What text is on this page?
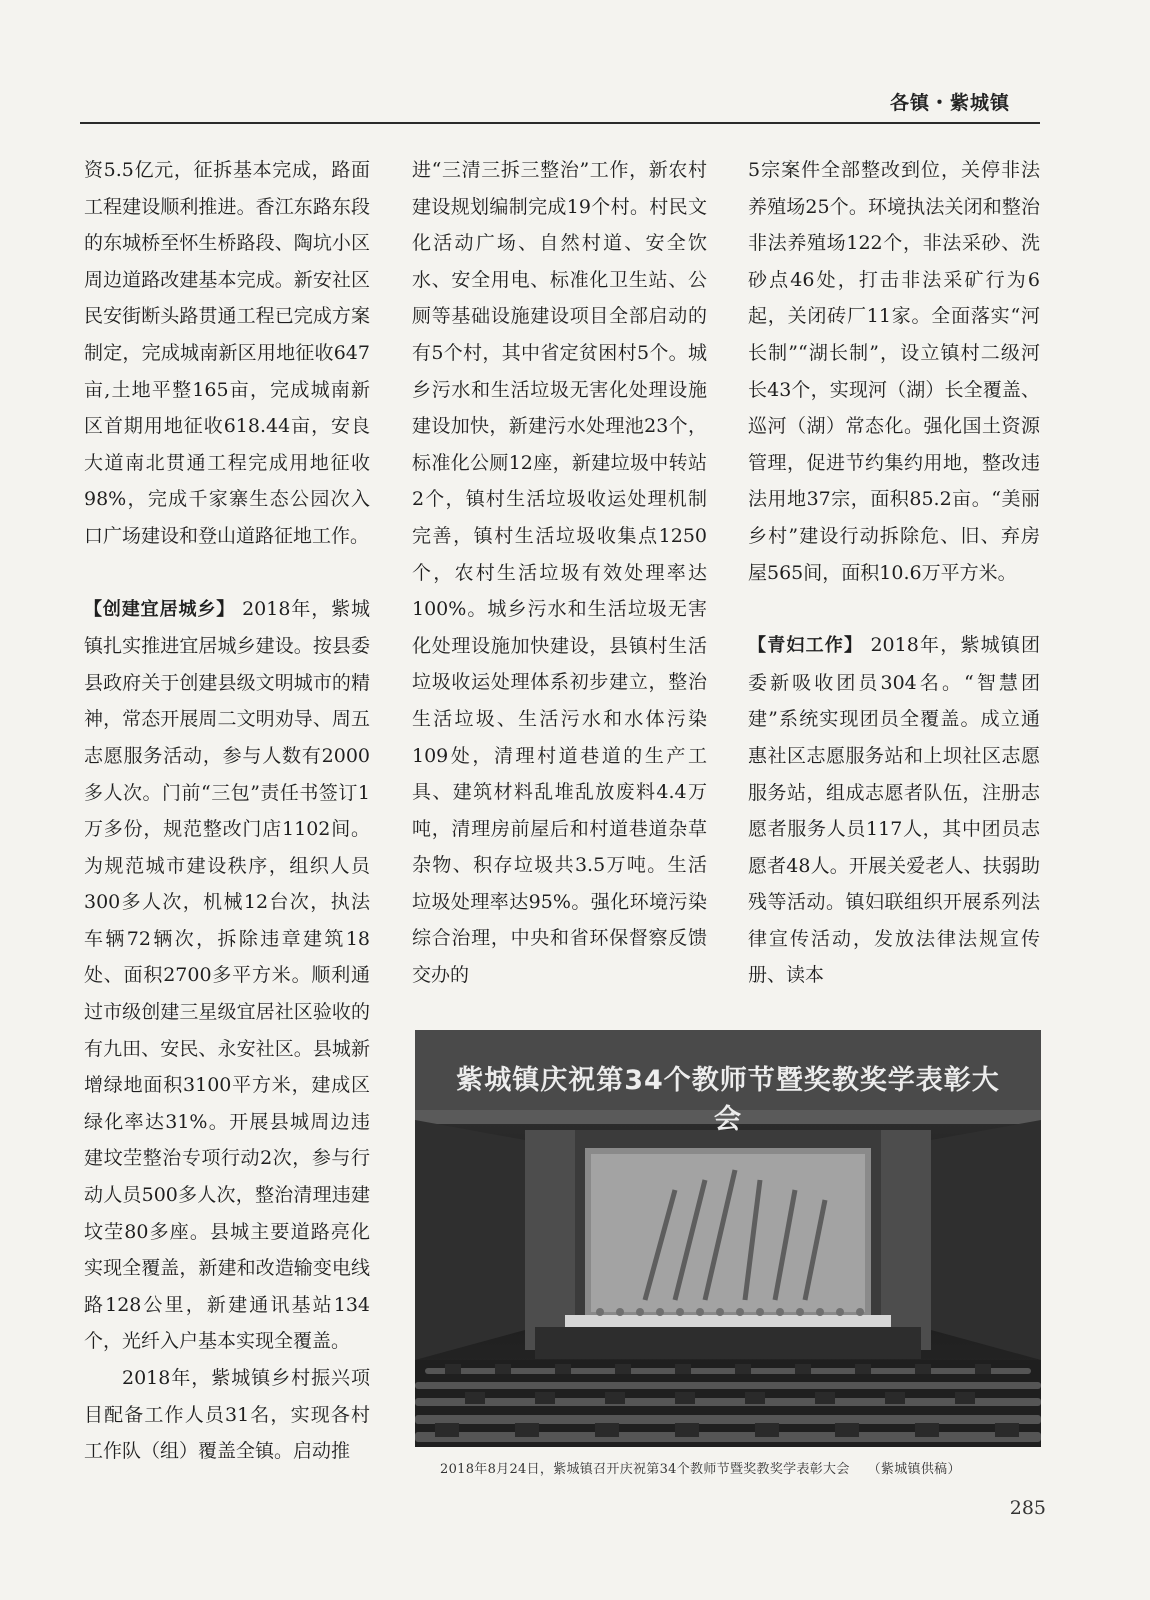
各镇・紫城镇

资5.5亿元，征拆基本完成，路面工程建设顺利推进。香江东路东段的东城桥至怀生桥路段、陶坑小区周边道路改建基本完成。新安社区民安街断头路贯通工程已完成方案制定，完成城南新区用地征收647亩,土地平整165亩，完成城南新区首期用地征收618.44亩，安良大道南北贯通工程完成用地征收98%，完成千家寨生态公园次入口广场建设和登山道路征地工作。

【创建宜居城乡】 2018年，紫城镇扎实推进宜居城乡建设。按县委县政府关于创建县级文明城市的精神，常态开展周二文明劝导、周五志愿服务活动，参与人数有2000多人次。门前“三包”责任书签订1万多份，规范整改门店1102间。为规范城市建设秩序，组织人员300多人次，机械12台次，执法车辆72辆次，拆除违章建筑18处、面积2700多平方米。顺利通过市级创建三星级宜居社区验收的有九田、安民、永安社区。县城新增绿地面积3100平方米，建成区绿化率达31%。开展县城周边违建坟茔整治专项行动2次，参与行动人员500多人次，整治清理违建坟茔80多座。县城主要道路亮化实现全覆盖，新建和改造输变电线路128公里，新建通讯基站134个，光纤入户基本实现全覆盖。

2018年，紫城镇乡村振兴项目配备工作人员31名，实现各村工作队（组）覆盖全镇。启动推

进“三清三拆三整治”工作，新农村建设规划编制完成19个村。村民文化活动广场、自然村道、安全饮水、安全用电、标准化卫生站、公厕等基础设施建设项目全部启动的有5个村，其中省定贫困村5个。城乡污水和生活垃圾无害化处理设施建设加快，新建污水处理池23个，标准化公厕12座，新建垃圾中转站2个，镇村生活垃圾收运处理机制完善，镇村生活垃圾收集点1250个，农村生活垃圾有效处理率达100%。城乡污水和生活垃圾无害化处理设施加快建设，县镇村生活垃圾收运处理体系初步建立，整治生活垃圾、生活污水和水体污染109处，清理村道巷道的生产工具、建筑材料乱堆乱放废料4.4万吨，清理房前屋后和村道巷道杂草杂物、积存垃圾共3.5万吨。生活垃圾处理率达95%。强化环境污染综合治理，中央和省环保督察反馈交办的

5宗案件全部整改到位，关停非法养殖场25个。环境执法关闭和整治非法养殖场122个，非法采砂、洗砂点46处，打击非法采矿行为6起，关闭砖厂11家。全面落实“河长制”“湖长制”，设立镇村二级河长43个，实现河（湖）长全覆盖、巡河（湖）常态化。强化国土资源管理，促进节约集约用地，整改违法用地37宗，面积85.2亩。“美丽乡村”建设行动拆除危、旧、弃房屋565间，面积10.6万平方米。

【青妇工作】 2018年，紫城镇团委新吸收团员304名。“智慧团建”系统实现团员全覆盖。成立通惠社区志愿服务站和上坝社区志愿服务站，组成志愿者队伍，注册志愿者服务人员117人，其中团员志愿者48人。开展关爱老人、扶弱助残等活动。镇妇联组织开展系列法律宣传活动，发放法律法规宣传册、读本

紫城镇庆祝第34个教师节暨奖教奖学表彰大会
2018年8月24日，紫城镇召开庆祝第34个教师节暨奖教奖学表彰大会 （紫城镇供稿）
285
